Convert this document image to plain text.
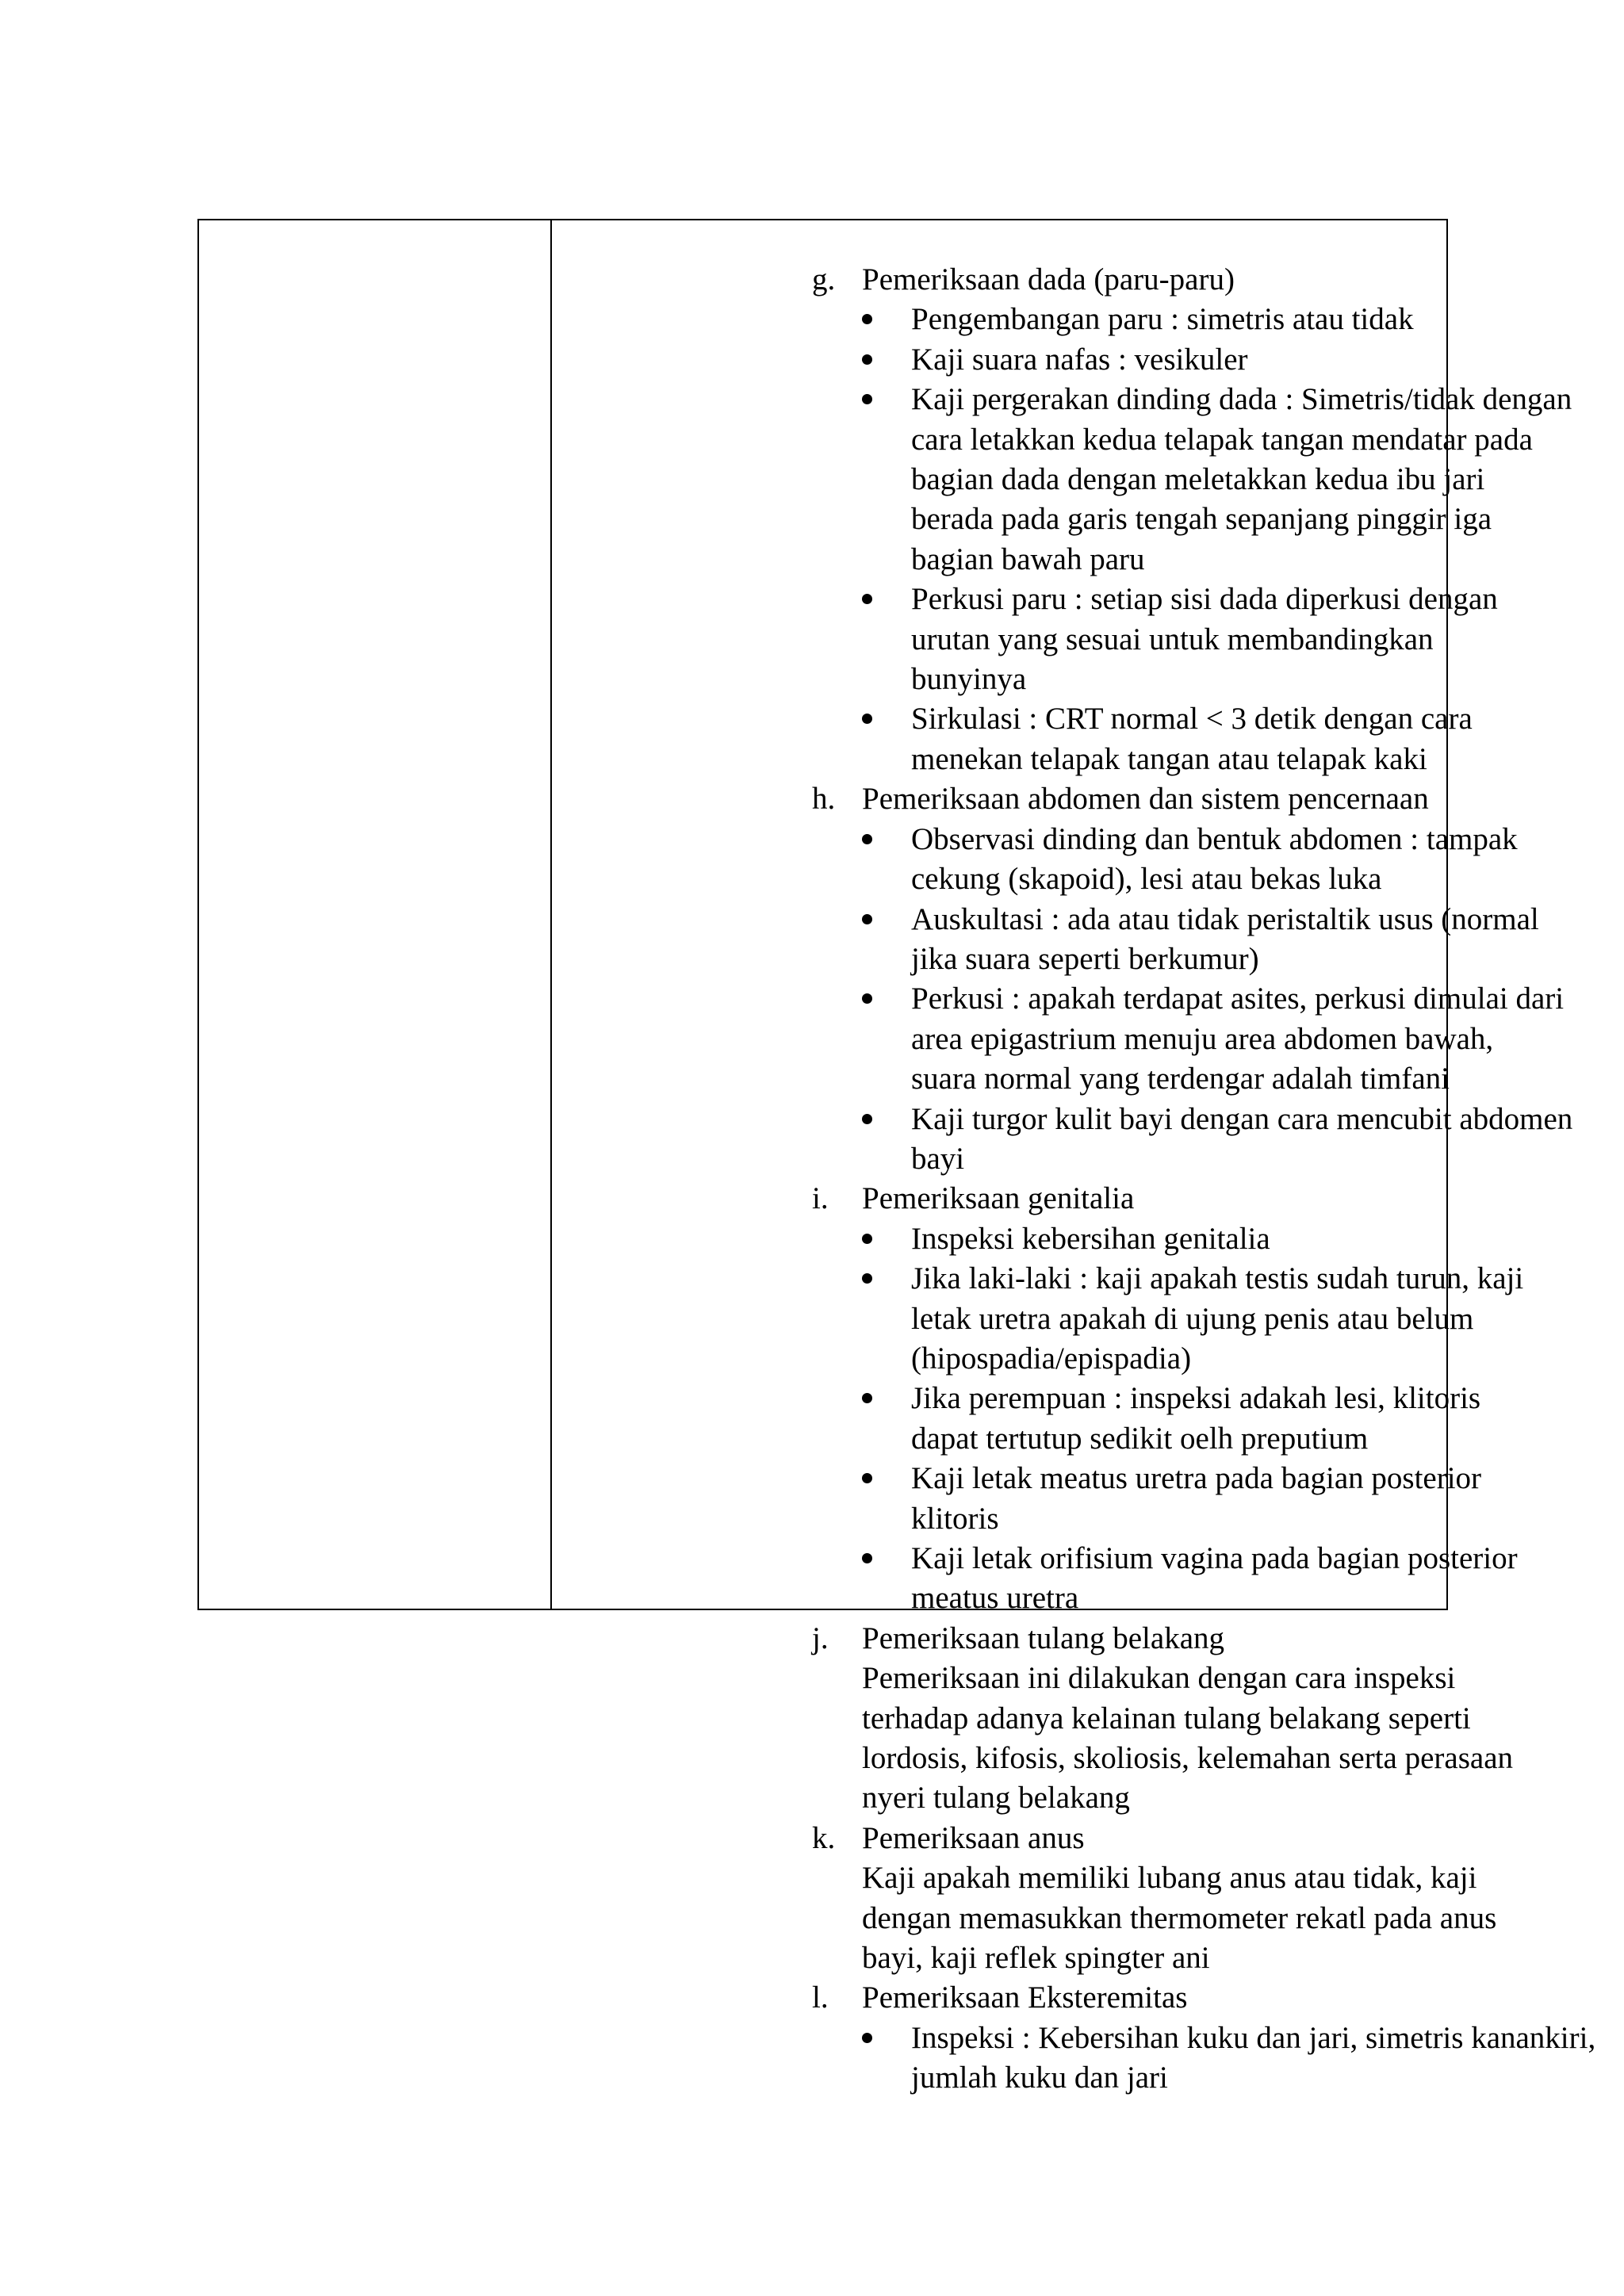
g. Pemeriksaan dada (paru-paru)
Pengembangan paru : simetris atau tidak
Kaji suara nafas : vesikuler
Kaji pergerakan dinding dada : Simetris/tidak dengan
cara letakkan kedua telapak tangan mendatar pada
bagian dada dengan meletakkan kedua ibu jari
berada pada garis tengah sepanjang pinggir iga
bagian bawah paru
Perkusi paru : setiap sisi dada diperkusi dengan
urutan yang sesuai untuk membandingkan
bunyinya
Sirkulasi : CRT normal < 3 detik dengan cara
menekan telapak tangan atau telapak kaki
h. Pemeriksaan abdomen dan sistem pencernaan
Observasi dinding dan bentuk abdomen : tampak
cekung (skapoid), lesi atau bekas luka
Auskultasi : ada atau tidak peristaltik usus (normal
jika suara seperti berkumur)
Perkusi : apakah terdapat asites, perkusi dimulai dari
area epigastrium menuju area abdomen bawah,
suara normal yang terdengar adalah timfani
Kaji turgor kulit bayi dengan cara mencubit abdomen
bayi
i. Pemeriksaan genitalia
Inspeksi kebersihan genitalia
Jika laki-laki : kaji apakah testis sudah turun, kaji
letak uretra apakah di ujung penis atau belum
(hipospadia/epispadia)
Jika perempuan : inspeksi adakah lesi, klitoris
dapat tertutup sedikit oelh preputium
Kaji letak meatus uretra pada bagian posterior
klitoris
Kaji letak orifisium vagina pada bagian posterior
meatus uretra
j. Pemeriksaan tulang belakang
Pemeriksaan ini dilakukan dengan cara inspeksi
terhadap adanya kelainan tulang belakang seperti
lordosis, kifosis, skoliosis, kelemahan serta perasaan
nyeri tulang belakang
k. Pemeriksaan anus
Kaji apakah memiliki lubang anus atau tidak, kaji
dengan memasukkan thermometer rekatl pada anus
bayi, kaji reflek spingter ani
l. Pemeriksaan Eksteremitas
Inspeksi : Kebersihan kuku dan jari, simetris kanankiri,
jumlah kuku dan jari
